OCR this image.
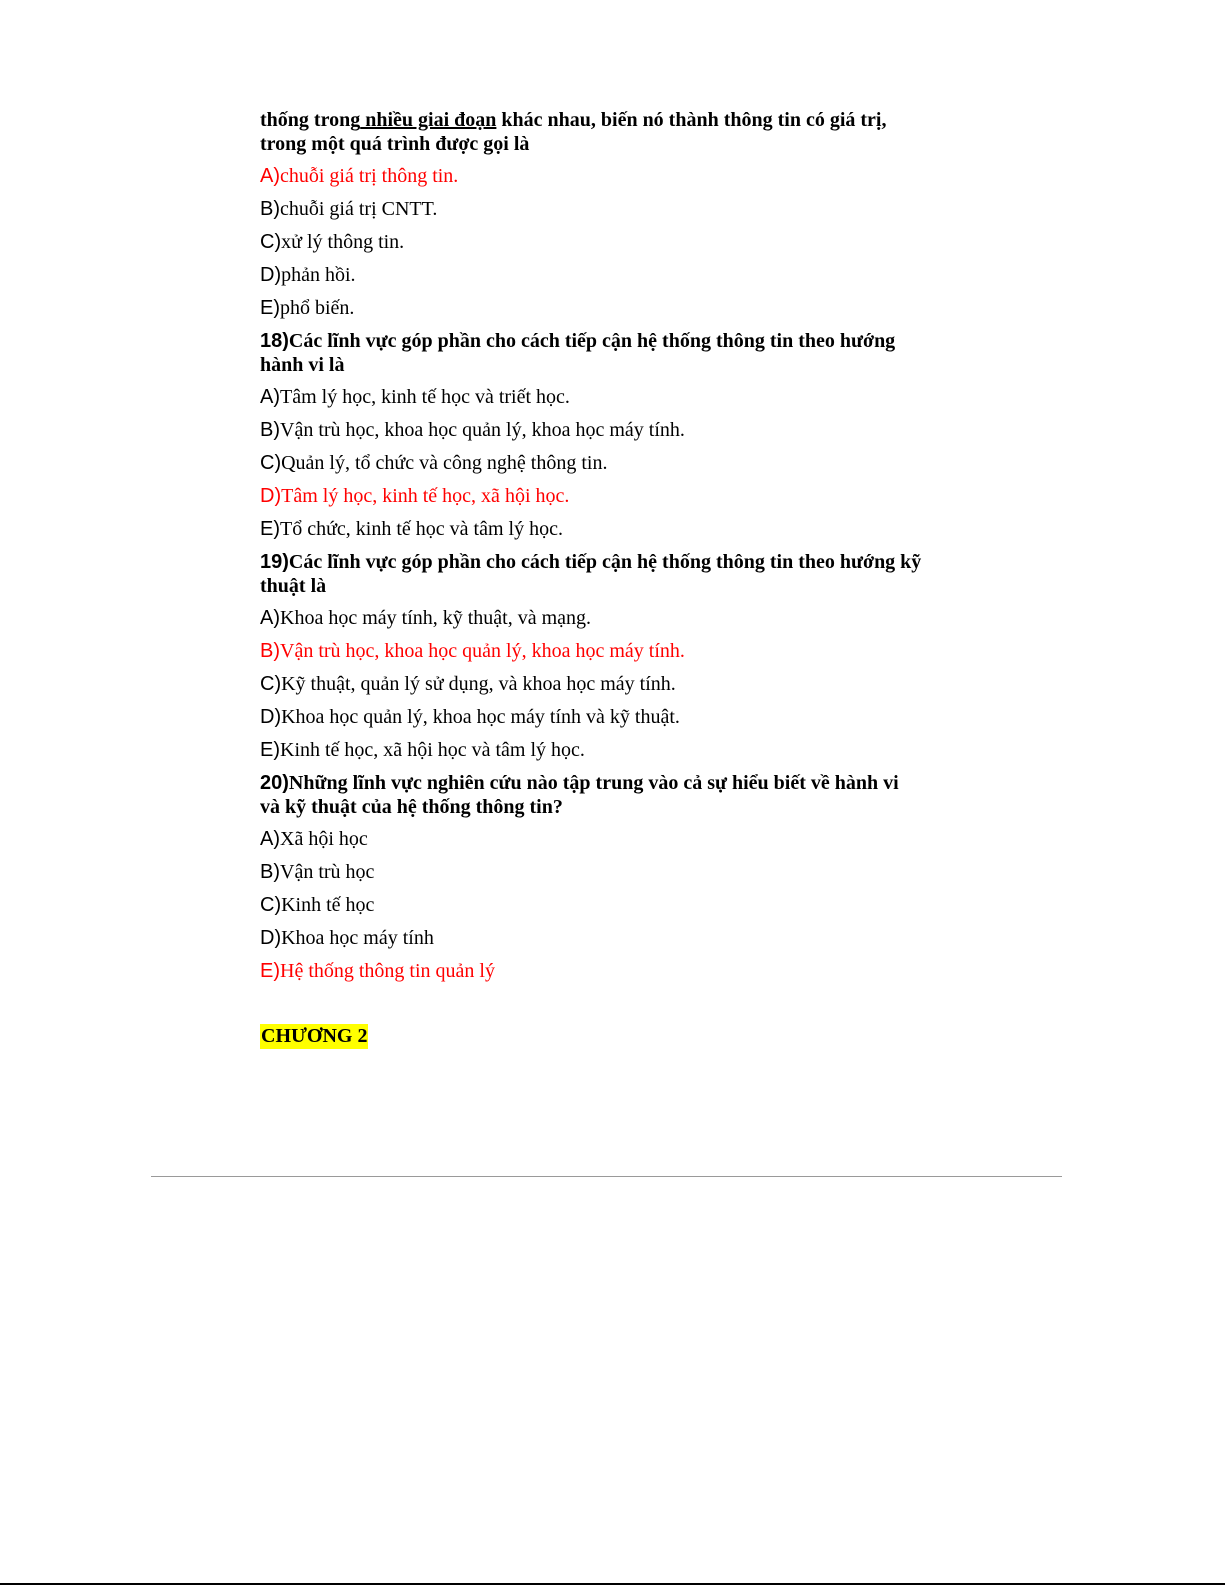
thống trong nhiều giai đoạn khác nhau, biến nó thành thông tin có giá trị,
trong một quá trình được gọi là
A)chuỗi giá trị thông tin.
B)chuỗi giá trị CNTT.
C)xử lý thông tin.
D)phản hồi.
E)phổ biến.
18)Các lĩnh vực góp phần cho cách tiếp cận hệ thống thông tin theo hướng
hành vi là
A)Tâm lý học, kinh tế học và triết học.
B)Vận trù học, khoa học quản lý, khoa học máy tính.
C)Quản lý, tổ chức và công nghệ thông tin.
D)Tâm lý học, kinh tế học, xã hội học.
E)Tổ chức, kinh tế học và tâm lý học.
19)Các lĩnh vực góp phần cho cách tiếp cận hệ thống thông tin theo hướng kỹ
thuật là
A)Khoa học máy tính, kỹ thuật, và mạng.
B)Vận trù học, khoa học quản lý, khoa học máy tính.
C)Kỹ thuật, quản lý sử dụng, và khoa học máy tính.
D)Khoa học quản lý, khoa học máy tính và kỹ thuật.
E)Kinh tế học, xã hội học và tâm lý học.
20)Những lĩnh vực nghiên cứu nào tập trung vào cả sự hiểu biết về hành vi
và kỹ thuật của hệ thống thông tin?
A)Xã hội học
B)Vận trù học
C)Kinh tế học
D)Khoa học máy tính
E)Hệ thống thông tin quản lý
CHƯƠNG 2
